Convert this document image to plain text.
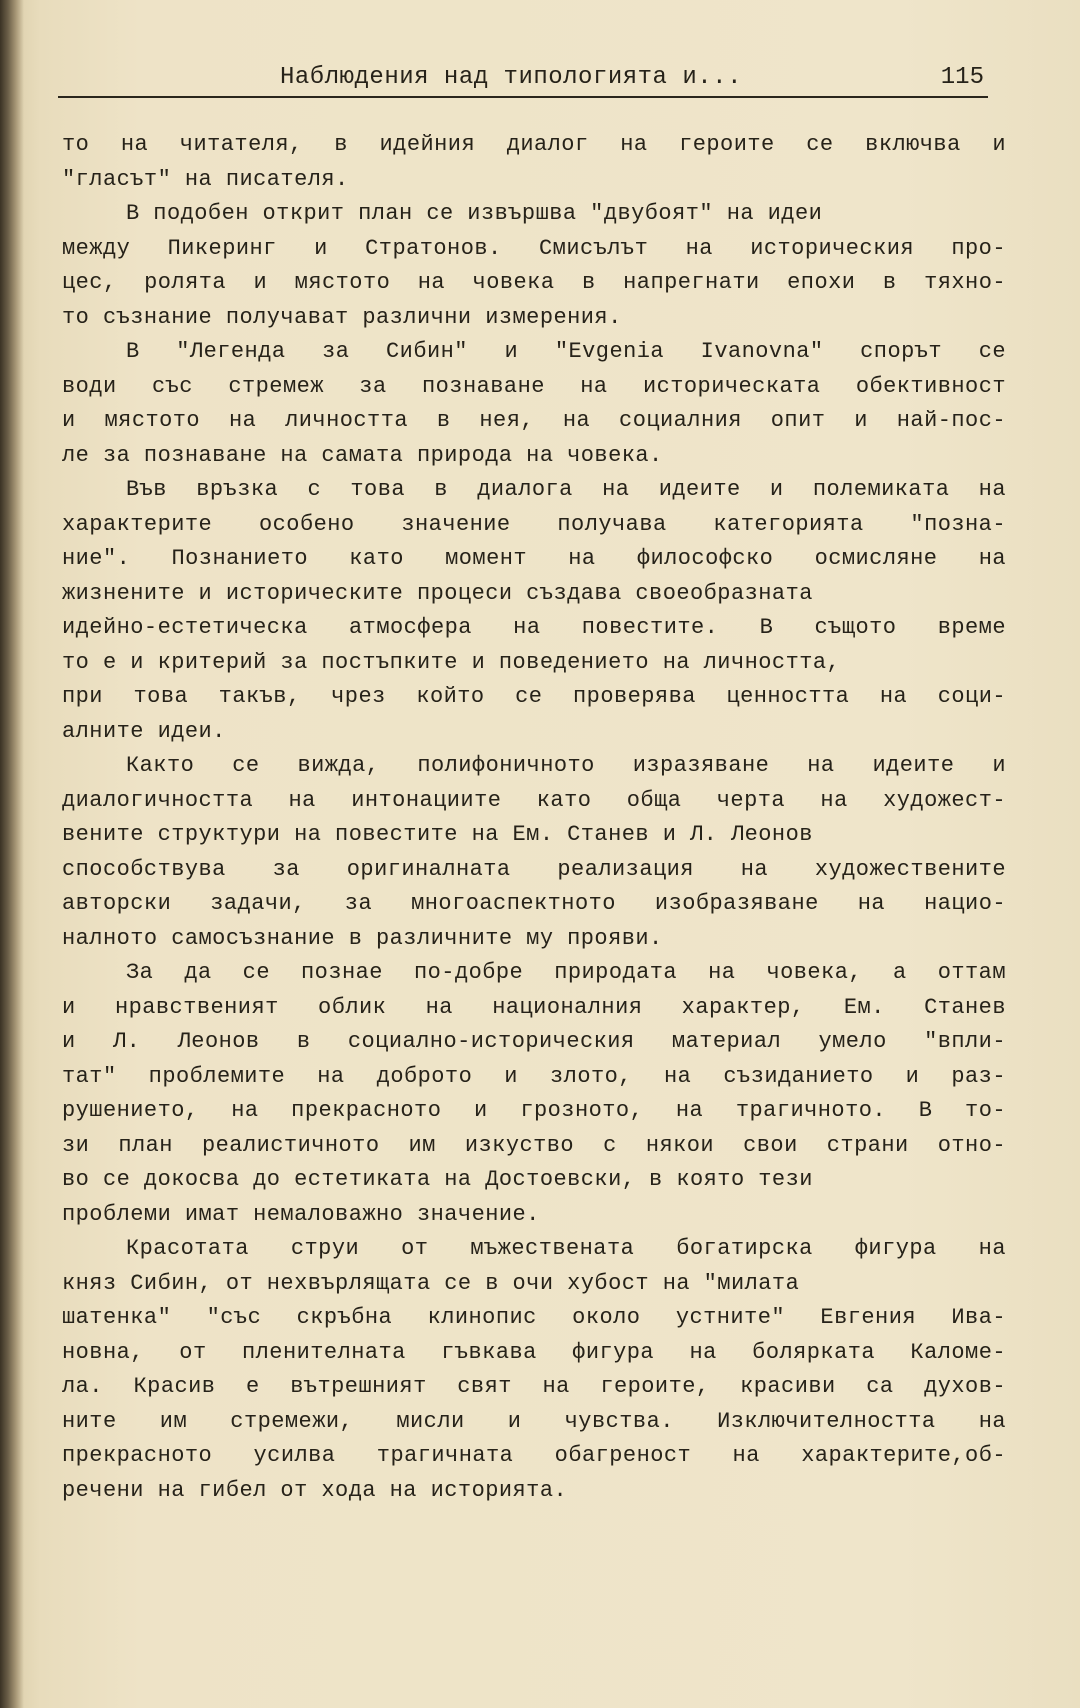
Наблюдения над типологията и...	115
то на читателя, в идейния диалог на героите се включва и
"гласът" на писателя.
В подобен открит план се извършва "двубоят" на идеи
между Пикеринг и Стратонов. Смисълът на историческия про-
цес, ролята и мястото на човека в напрегнати епохи в тяхно-
то съзнание получават различни измерения.
В "Легенда за Сибин" и "Еvgenia Ivanovna" спорът се
води със стремеж за познаване на историческата обективност
и мястото на личността в нея, на социалния опит и най-пос-
ле за познаване на самата природа на човека.
Във връзка с това в диалога на идеите и полемиката на
характерите особено значение получава категорията "позна-
ние". Познанието като момент на философско осмисляне на
жизнените и историческите процеси създава своеобразната
идейно-естетическа атмосфера на повестите. В същото време
то е и критерий за постъпките и поведението на личността,
при това такъв, чрез който се проверява ценността на соци-
алните идеи.
Както се вижда, полифоничното изразяване на идеите и
диалогичността на интонациите като обща черта на художест-
вените структури на повестите на Ем. Станев и Л. Леонов
способствува за оригиналната реализация на художествените
авторски задачи, за многоаспектното изобразяване на нацио-
налното самосъзнание в различните му прояви.
За да се познае по-добре природата на човека, а оттам
и нравственият облик на националния характер, Ем. Станев
и Л. Леонов в социално-историческия материал умело "впли-
тат" проблемите на доброто и злото, на съзиданието и раз-
рушението, на прекрасното и грозното, на трагичното. В то-
зи план реалистичното им изкуство с някои свои страни отно-
во се докосва до естетиката на Достоевски, в която тези
проблеми имат немаловажно значение.
Красотата струи от мъжествената богатирска фигура на
княз Сибин, от нехвърлящата се в очи хубост на "милата
шатенка" "със скръбна клинопис около устните" Евгения Ива-
новна, от пленителната гъвкава фигура на болярката Каломе-
ла. Красив е вътрешният свят на героите, красиви са духов-
ните им стремежи, мисли и чувства. Изключителността на
прекрасното усилва трагичната обагреност на характерите,об-
речени на гибел от хода на историята.
